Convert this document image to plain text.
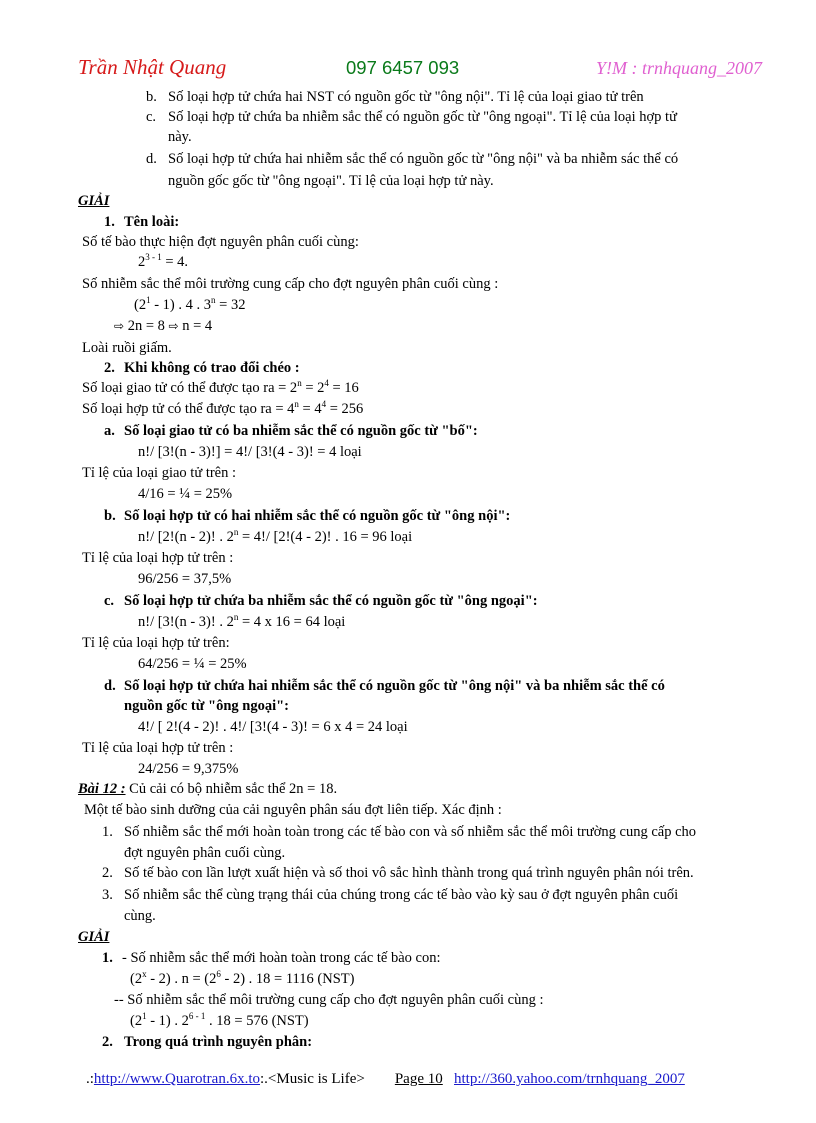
Trần Nhật Quang	097 6457 093	Y!M : trnhquang_2007
b. Số loại hợp tử chứa hai NST có nguồn gốc từ "ông nội". Tỉ lệ của loại giao tử trên
c. Số loại hợp tử chứa ba nhiễm sắc thể có nguồn gốc từ "ông ngoại". Tỉ lệ của loại hợp tử
này.
d. Số loại hợp tử chứa hai nhiễm sắc thể có nguồn gốc từ "ông nội" và ba nhiễm sác thể có
nguồn gốc gốc từ "ông ngoại". Tỉ lệ của loại hợp tử này.
GIẢI
1. Tên loài:
Số tế bào thực hiện đợt nguyên phân cuối cùng:
$2^{3 - 1} = 4$.
Số nhiễm sắc thể môi trường cung cấp cho đợt nguyên phân cuối cùng :
$(2^1 - 1)$ . 4 . $3^n = 32$
⇨ 2n = 8 ⇨ n = 4
Loài ruồi giấm.
2. Khi không có trao đổi chéo :
Số loại giao tử có thể được tạo ra = $2^n = 2^4 = 16$
Số loại hợp tử có thể được tạo ra = $4^n = 4^4 = 256$
a. Số loại giao tử có ba nhiễm sắc thể có nguồn gốc từ "bố":
n!/ [3!(n - 3)!] = 4!/ [3!(4 - 3)! = 4 loại
Tỉ lệ của loại giao tử trên :
4/16 = ¼ = 25%
b. Số loại hợp tử có hai nhiễm sắc thể có nguồn gốc từ "ông nội":
n!/ [2!(n - 2)! . $2^n = 4!/$ [2!(4 - 2)! . 16 = 96 loại
Tỉ lệ của loại hợp tử trên :
96/256 = 37,5%
c. Số loại hợp tử chứa ba nhiễm sắc thể có nguồn gốc từ "ông ngoại":
n!/ [3!(n - 3)! . $2^n = 4$ x 16 = 64 loại
Tỉ lệ của loại hợp tử trên:
64/256 = ¼ = 25%
d. Số loại hợp tử chứa hai nhiễm sắc thể có nguồn gốc từ "ông nội" và ba nhiễm sắc thể có
nguồn gốc từ "ông ngoại":
4!/ [ 2!(4 - 2)! . 4!/ [3!(4 - 3)! = 6 x 4 = 24 loại
Tỉ lệ của loại hợp tử trên :
24/256 = 9,375%
Bài 12 : Củ cải có bộ nhiễm sắc thể 2n = 18.
Một tế bào sinh dưỡng của cải nguyên phân sáu đợt liên tiếp. Xác định :
1. Số nhiễm sắc thể mới hoàn toàn trong các tế bào con và số nhiễm sắc thể môi trường cung cấp cho
đợt nguyên phân cuối cùng.
2. Số tế bào con lần lượt xuất hiện và số thoi vô sắc hình thành trong quá trình nguyên phân nói trên.
3. Số nhiễm sắc thể cùng trạng thái của chúng trong các tế bào vào kỳ sau ở đợt nguyên phân cuối
cùng.
GIẢI
1. - Số nhiễm sắc thể mới hoàn toàn trong các tế bào con:
(2$^x$ - 2) . $n = (2^6 - 2)$ . 18 = 1116 (NST)
-- Số nhiễm sắc thể môi trường cung cấp cho đợt nguyên phân cuối cùng :
$(2^1 - 1)$ . 2$^{6 - 1}$ . 18 = 576 (NST)
2. Trong quá trình nguyên phân:
.:http://www.Quarotran.6x.to:.<Music is Life> Page 10 http://360.yahoo.com/trnhquang_2007
